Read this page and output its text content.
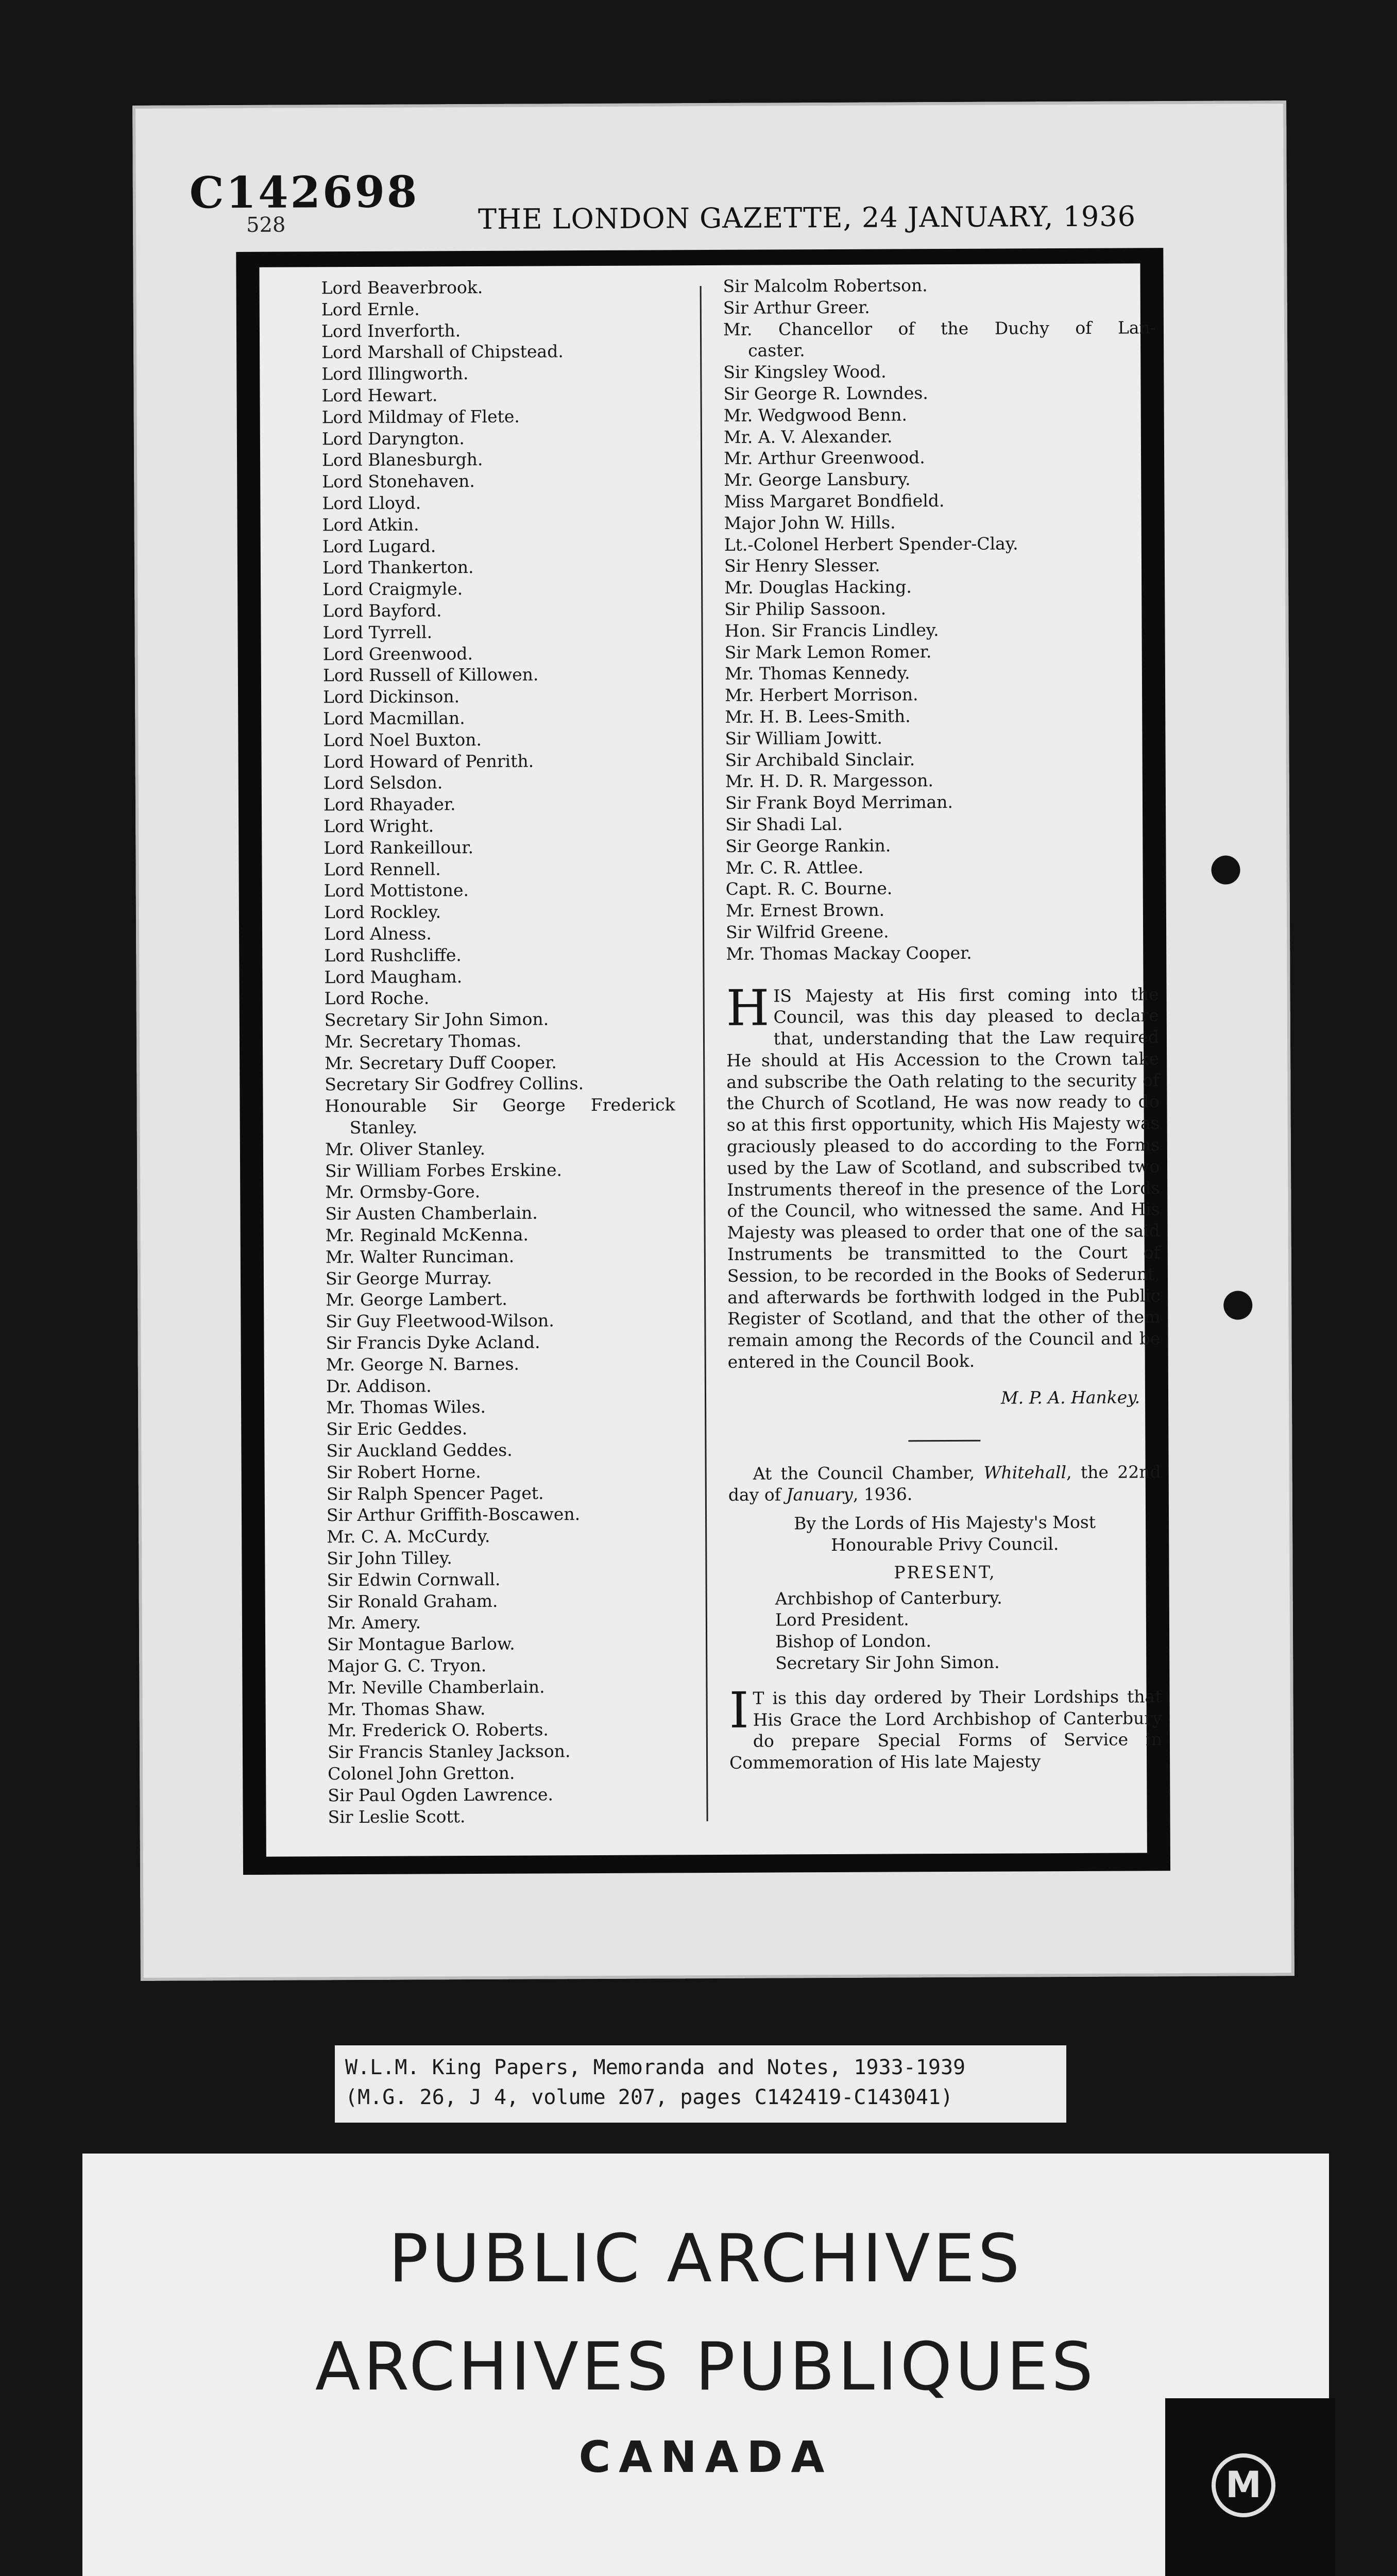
C142698
528	THE LONDON GAZETTE, 24 JANUARY, 1936
Lord Beaverbrook.
Lord Ernle.
Lord Inverforth.
Lord Marshall of Chipstead.
Lord Illingworth.
Lord Hewart.
Lord Mildmay of Flete.
Lord Daryngton.
Lord Blanesburgh.
Lord Stonehaven.
Lord Lloyd.
Lord Atkin.
Lord Lugard.
Lord Thankerton.
Lord Craigmyle.
Lord Bayford.
Lord Tyrrell.
Lord Greenwood.
Lord Russell of Killowen.
Lord Dickinson.
Lord Macmillan.
Lord Noel Buxton.
Lord Howard of Penrith.
Lord Selsdon.
Lord Rhayader.
Lord Wright.
Lord Rankeillour.
Lord Rennell.
Lord Mottistone.
Lord Rockley.
Lord Alness.
Lord Rushcliffe.
Lord Maugham.
Lord Roche.
Secretary Sir John Simon.
Mr. Secretary Thomas.
Mr. Secretary Duff Cooper.
Secretary Sir Godfrey Collins.
Honourable Sir George Frederick
Stanley.
Mr. Oliver Stanley.
Sir William Forbes Erskine.
Mr. Ormsby-Gore.
Sir Austen Chamberlain.
Mr. Reginald McKenna.
Mr. Walter Runciman.
Sir George Murray.
Mr. George Lambert.
Sir Guy Fleetwood-Wilson.
Sir Francis Dyke Acland.
Mr. George N. Barnes.
Dr. Addison.
Mr. Thomas Wiles.
Sir Eric Geddes.
Sir Auckland Geddes.
Sir Robert Horne.
Sir Ralph Spencer Paget.
Sir Arthur Griffith-Boscawen.
Mr. C. A. McCurdy.
Sir John Tilley.
Sir Edwin Cornwall.
Sir Ronald Graham.
Mr. Amery.
Sir Montague Barlow.
Major G. C. Tryon.
Mr. Neville Chamberlain.
Mr. Thomas Shaw.
Mr. Frederick O. Roberts.
Sir Francis Stanley Jackson.
Colonel John Gretton.
Sir Paul Ogden Lawrence.
Sir Leslie Scott.
Sir Malcolm Robertson.
Sir Arthur Greer.
Mr. Chancellor of the Duchy of Lan-
caster.
Sir Kingsley Wood.
Sir George R. Lowndes.
Mr. Wedgwood Benn.
Mr. A. V. Alexander.
Mr. Arthur Greenwood.
Mr. George Lansbury.
Miss Margaret Bondfield.
Major John W. Hills.
Lt.-Colonel Herbert Spender-Clay.
Sir Henry Slesser.
Mr. Douglas Hacking.
Sir Philip Sassoon.
Hon. Sir Francis Lindley.
Sir Mark Lemon Romer.
Mr. Thomas Kennedy.
Mr. Herbert Morrison.
Mr. H. B. Lees-Smith.
Sir William Jowitt.
Sir Archibald Sinclair.
Mr. H. D. R. Margesson.
Sir Frank Boyd Merriman.
Sir Shadi Lal.
Sir George Rankin.
Mr. C. R. Attlee.
Capt. R. C. Bourne.
Mr. Ernest Brown.
Sir Wilfrid Greene.
Mr. Thomas Mackay Cooper.

HIS Majesty at His first coming into the Council, was this day pleased to declare that, understanding that the Law required He should at His Accession to the Crown take and subscribe the Oath relating to the security of the Church of Scotland, He was now ready to do so at this first opportunity, which His Majesty was graciously pleased to do according to the Forms used by the Law of Scotland, and subscribed two Instruments thereof in the presence of the Lords of the Council, who witnessed the same. And His Majesty was pleased to order that one of the said Instruments be transmitted to the Court of Session, to be recorded in the Books of Sederunt, and afterwards be forthwith lodged in the Public Register of Scotland, and that the other of them remain among the Records of the Council and be entered in the Council Book.

M. P. A. Hankey.

At the Council Chamber, Whitehall, the 22nd day of January, 1936.

By the Lords of His Majesty's Most
Honourable Privy Council.
PRESENT,
Archbishop of Canterbury.
Lord President.
Bishop of London.
Secretary Sir John Simon.

I T is this day ordered by Their Lordships that His Grace the Lord Archbishop of Canterbury do prepare Special Forms of Service in Commemoration of His late Majesty

W.L.M. King Papers, Memoranda and Notes, 1933-1939
(M.G. 26, J 4, volume 207, pages C142419-C143041)
PUBLIC ARCHIVES
ARCHIVES PUBLIQUES
CANADA
M
